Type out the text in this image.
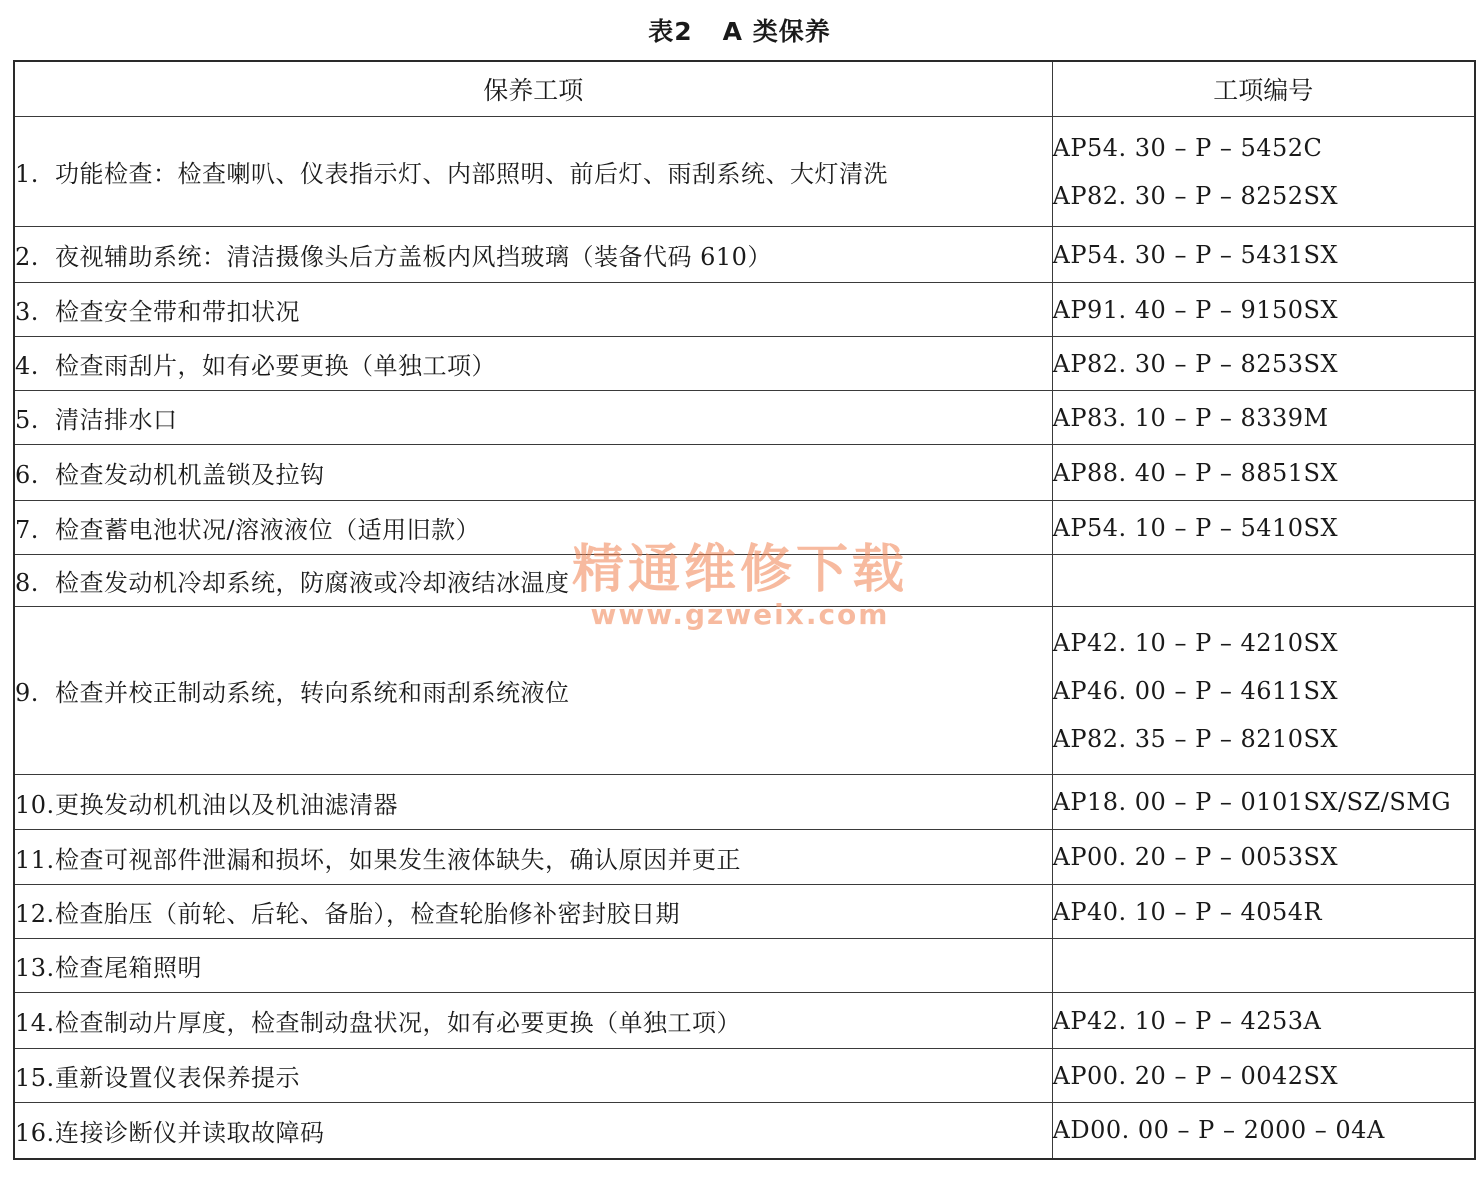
表2 A 类保养
保养工项	工项编号
1. 功能检查：检查喇叭、仪表指示灯、内部照明、前后灯、雨刮系统、大灯清洗	AP54. 30 – P – 5452C
AP82. 30 – P – 8252SX

2. 夜视辅助系统：清洁摄像头后方盖板内风挡玻璃（装备代码 610）	AP54. 30 – P – 5431SX

3. 检查安全带和带扣状况	AP91. 40 – P – 9150SX

4. 检查雨刮片，如有必要更换（单独工项）	AP82. 30 – P – 8253SX

5. 清洁排水口	AP83. 10 – P – 8339M

6. 检查发动机机盖锁及拉钩	AP88. 40 – P – 8851SX

7. 检查蓄电池状况/溶液液位（适用旧款）	AP54. 10 – P – 5410SX

8. 检查发动机冷却系统，防腐液或冷却液结冰温度	
9. 检查并校正制动系统，转向系统和雨刮系统液位	AP42. 10 – P – 4210SX
AP46. 00 – P – 4611SX
AP82. 35 – P – 8210SX

10.更换发动机机油以及机油滤清器	AP18. 00 – P – 0101SX/SZ/SMG

11.检查可视部件泄漏和损坏，如果发生液体缺失，确认原因并更正	AP00. 20 – P – 0053SX

12.检查胎压（前轮、后轮、备胎），检查轮胎修补密封胶日期	AP40. 10 – P – 4054R

13.检查尾箱照明	
14.检查制动片厚度，检查制动盘状况，如有必要更换（单独工项）	AP42. 10 – P – 4253A

15.重新设置仪表保养提示	AP00. 20 – P – 0042SX

16.连接诊断仪并读取故障码	AD00. 00 – P – 2000 – 04A
精通维修下载
www.gzweix.com
